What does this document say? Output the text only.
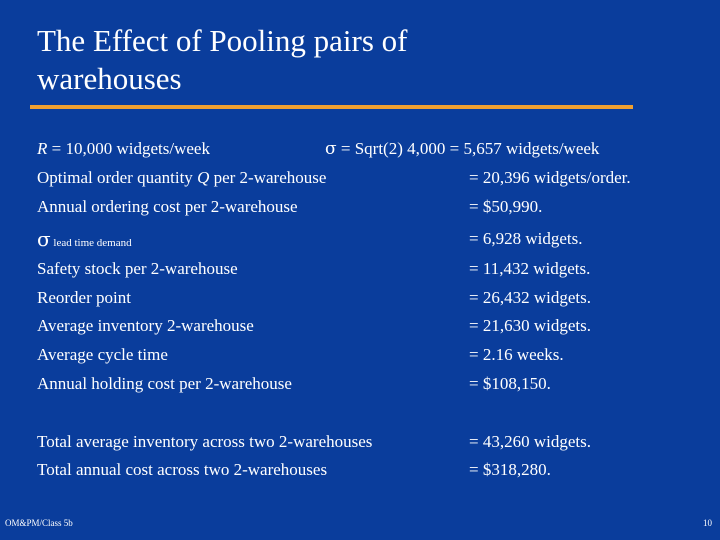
The Effect of Pooling pairs of
warehouses
R = 10,000 widgets/week	σ = Sqrt(2) 4,000 = 5,657 widgets/week
Optimal order quantity Q per 2-warehouse	= 20,396 widgets/order.
Annual ordering cost per 2-warehouse	= $50,990.
σ lead time demand	= 6,928 widgets.
Safety stock per 2-warehouse	= 11,432 widgets.
Reorder point	= 26,432 widgets.
Average inventory 2-warehouse	= 21,630 widgets.
Average cycle time	= 2.16 weeks.
Annual holding cost per 2-warehouse	= $108,150.
Total average inventory across two 2-warehouses	= 43,260 widgets.
Total annual cost across two 2-warehouses	= $318,280.
OM&PM/Class 5b	10
